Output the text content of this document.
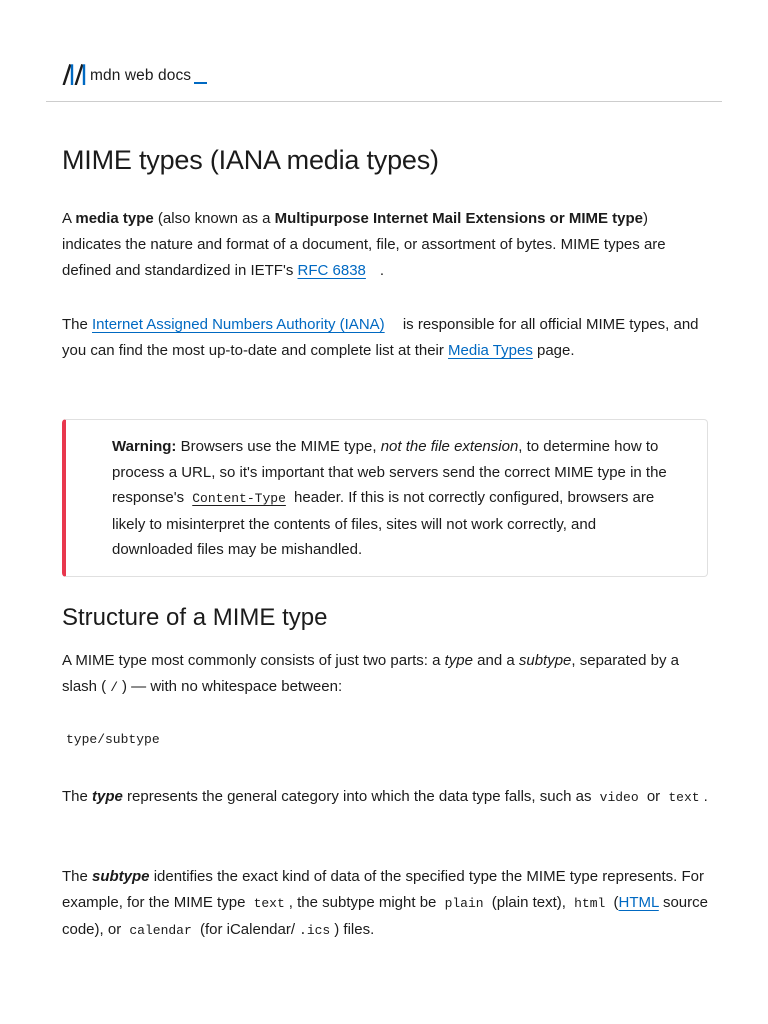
mdn web docs
MIME types (IANA media types)

A media type (also known as a Multipurpose Internet Mail Extensions or MIME type) indicates the nature and format of a document, file, or assortment of bytes. MIME types are defined and standardized in IETF's RFC 6838 .

The Internet Assigned Numbers Authority (IANA) is responsible for all official MIME types, and you can find the most up-to-date and complete list at their Media Types page.

Warning: Browsers use the MIME type, not the file extension, to determine how to process a URL, so it's important that web servers send the correct MIME type in the response's Content-Type header. If this is not correctly configured, browsers are likely to misinterpret the contents of files, sites will not work correctly, and downloaded files may be mishandled.

Structure of a MIME type

A MIME type most commonly consists of just two parts: a type and a subtype, separated by a slash ( / ) — with no whitespace between:

type/subtype

The type represents the general category into which the data type falls, such as video or text .

The subtype identifies the exact kind of data of the specified type the MIME type represents. For example, for the MIME type text , the subtype might be plain (plain text), html (HTML source code), or calendar (for iCalendar/ .ics ) files.
